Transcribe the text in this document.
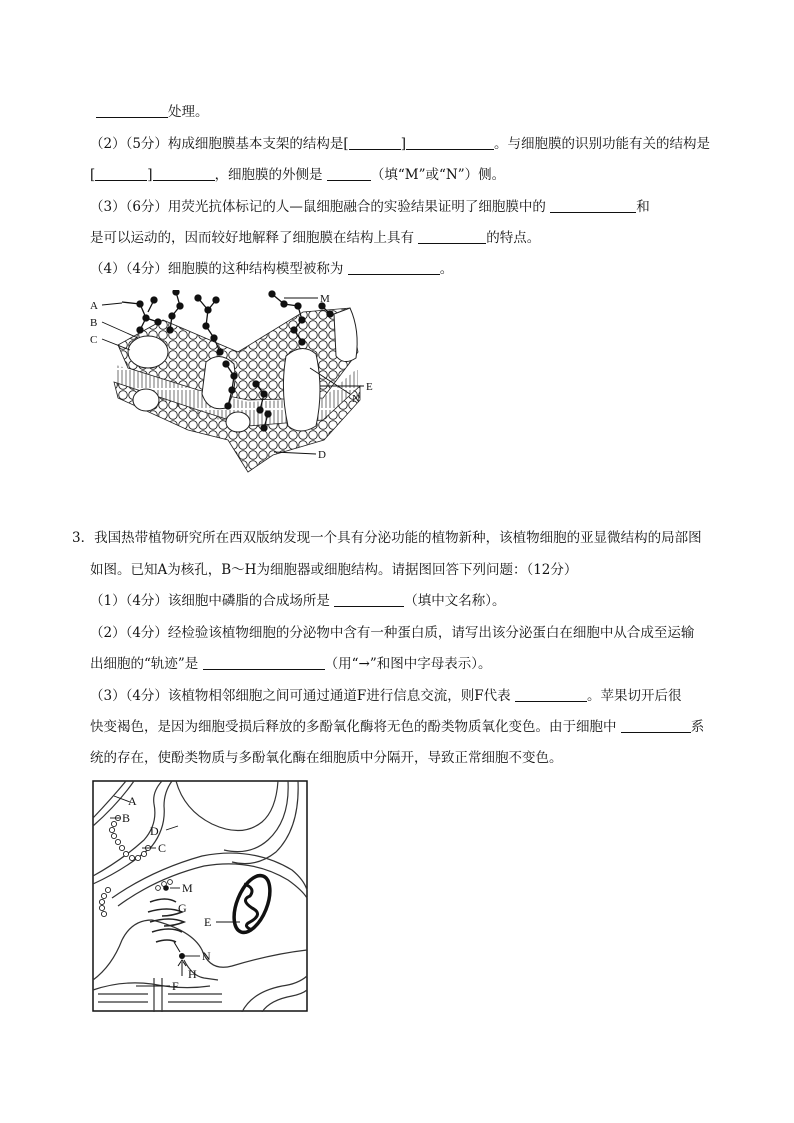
处理。
（2）（5分）构成细胞膜基本支架的结构是[	]	。与细胞膜的识别功能有关的结构是
[	]	，细胞膜的外侧是	（填“M”或“N”）侧。
（3）（6分）用荧光抗体标记的人—鼠细胞融合的实验结果证明了细胞膜中的	和
是可以运动的，因而较好地解释了细胞膜在结构上具有	的特点。
（4）（4分）细胞膜的这种结构模型被称为	。
A
B
C
M
E
N
D
3．我国热带植物研究所在西双版纳发现一个具有分泌功能的植物新种，该植物细胞的亚显微结构的局部图
如图。已知A为核孔，B～H为细胞器或细胞结构。请据图回答下列问题：（12分）
（1）（4分）该细胞中磷脂的合成场所是	（填中文名称）。
（2）（4分）经检验该植物细胞的分泌物中含有一种蛋白质，请写出该分泌蛋白在细胞中从合成至运输
出细胞的“轨迹”是	（用“→”和图中字母表示）。
（3）（4分）该植物相邻细胞之间可通过通道F进行信息交流，则F代表	。苹果切开后很
快变褐色，是因为细胞受损后释放的多酚氧化酶将无色的酚类物质氧化变色。由于细胞中	系
统的存在，使酚类物质与多酚氧化酶在细胞质中分隔开，导致正常细胞不变色。
A
B
D
C
M
G
E
N
H
F
